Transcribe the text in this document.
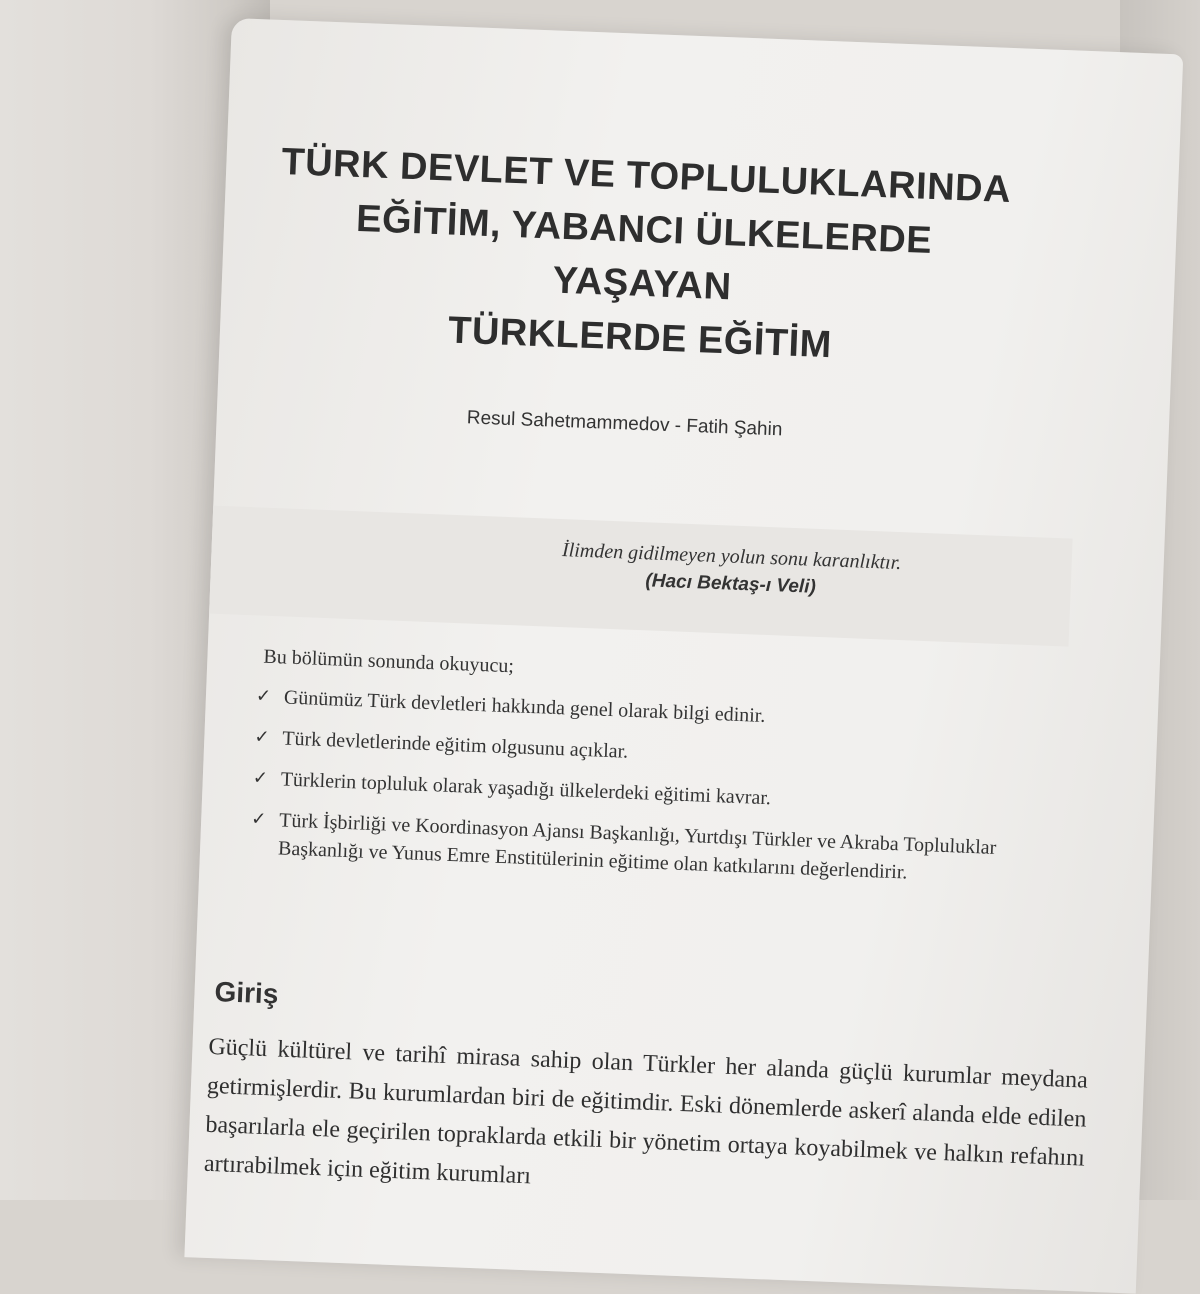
TÜRK DEVLET VE TOPLULUKLARINDA
EĞİTİM, YABANCI ÜLKELERDE YAŞAYAN
TÜRKLERDE EĞİTİM
Resul Sahetmammedov - Fatih Şahin
İlimden gidilmeyen yolun sonu karanlıktır.
(Hacı Bektaş-ı Veli)
Bu bölümün sonunda okuyucu;
✓ Günümüz Türk devletleri hakkında genel olarak bilgi edinir.
✓ Türk devletlerinde eğitim olgusunu açıklar.
✓ Türklerin topluluk olarak yaşadığı ülkelerdeki eğitimi kavrar.
✓ Türk İşbirliği ve Koordinasyon Ajansı Başkanlığı, Yurtdışı Türkler ve Akraba Topluluklar Başkanlığı ve Yunus Emre Enstitülerinin eğitime olan katkılarını değerlendirir.
Giriş

Güçlü kültürel ve tarihî mirasa sahip olan Türkler her alanda güçlü kurumlar meydana getirmişlerdir. Bu kurumlardan biri de eğitimdir. Eski dönemlerde askerî alanda elde edilen başarılarla ele geçirilen topraklarda etkili bir yönetim ortaya koyabilmek ve halkın refahını artırabilmek için eğitim kurumları
